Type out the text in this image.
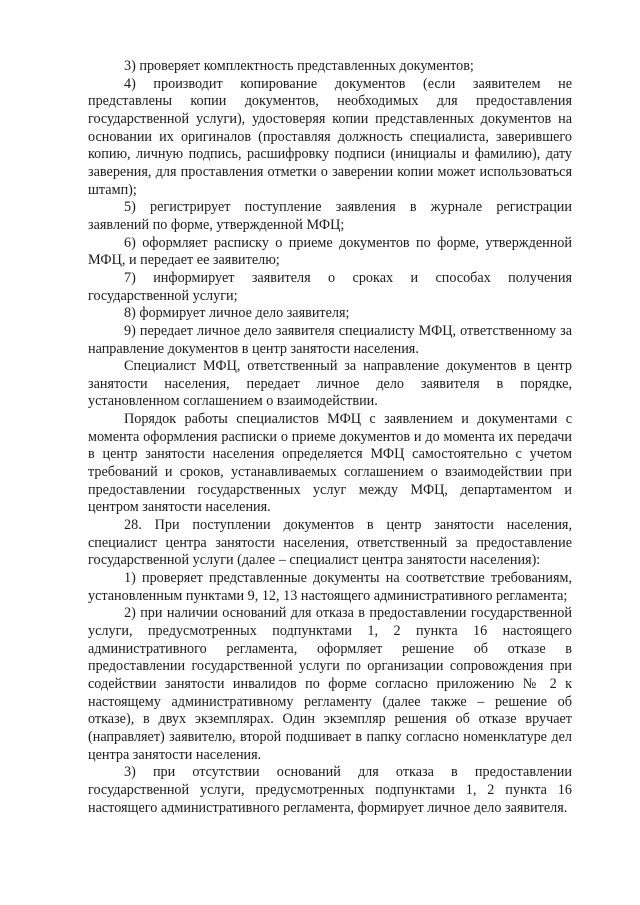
3) проверяет комплектность представленных документов;

4) производит копирование документов (если заявителем не представлены копии документов, необходимых для предоставления государственной услуги), удостоверяя копии представленных документов на основании их оригиналов (проставляя должность специалиста, заверившего копию, личную подпись, расшифровку подписи (инициалы и фамилию), дату заверения, для проставления отметки о заверении копии может использоваться штамп);

5) регистрирует поступление заявления в журнале регистрации заявлений по форме, утвержденной МФЦ;

6) оформляет расписку о приеме документов по форме, утвержденной МФЦ, и передает ее заявителю;

7) информирует заявителя о сроках и способах получения государственной услуги;

8) формирует личное дело заявителя;

9) передает личное дело заявителя специалисту МФЦ, ответственному за направление документов в центр занятости населения.

Специалист МФЦ, ответственный за направление документов в центр занятости населения, передает личное дело заявителя в порядке, установленном соглашением о взаимодействии.

Порядок работы специалистов МФЦ с заявлением и документами с момента оформления расписки о приеме документов и до момента их передачи в центр занятости населения определяется МФЦ самостоятельно с учетом требований и сроков, устанавливаемых соглашением о взаимодействии при предоставлении государственных услуг между МФЦ, департаментом и центром занятости населения.

28. При поступлении документов в центр занятости населения, специалист центра занятости населения, ответственный за предоставление государственной услуги (далее – специалист центра занятости населения):

1) проверяет представленные документы на соответствие требованиям, установленным пунктами 9, 12, 13 настоящего административного регламента;

2) при наличии оснований для отказа в предоставлении государственной услуги, предусмотренных подпунктами 1, 2 пункта 16 настоящего административного регламента, оформляет решение об отказе в предоставлении государственной услуги по организации сопровождения при содействии занятости инвалидов по форме согласно приложению № 2 к настоящему административному регламенту (далее также – решение об отказе), в двух экземплярах. Один экземпляр решения об отказе вручает (направляет) заявителю, второй подшивает в папку согласно номенклатуре дел центра занятости населения.

3) при отсутствии оснований для отказа в предоставлении государственной услуги, предусмотренных подпунктами 1, 2 пункта 16 настоящего административного регламента, формирует личное дело заявителя.
